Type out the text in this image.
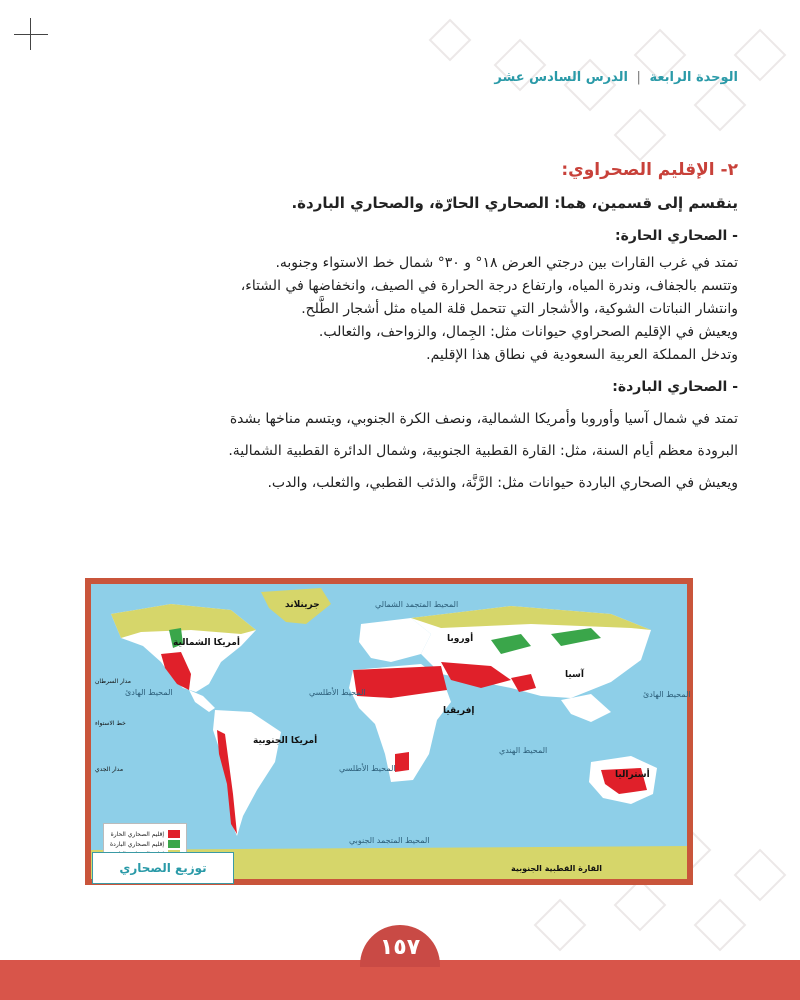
الوحدة الرابعة | الدرس السادس عشر
٢- الإقليم الصحراوي:
ينقسم إلى قسمين، هما: الصحاري الحارّة، والصحاري الباردة.
- الصحاري الحارة:

تمتد في غرب القارات بين درجتي العرض ١٨° و ٣٠° شمال خط الاستواء وجنوبه.

وتتسم بالجفاف، وندرة المياه، وارتفاع درجة الحرارة في الصيف، وانخفاضها في الشتاء،

وانتشار النباتات الشوكية، والأشجار التي تتحمل قلة المياه مثل أشجار الطَّلح.

ويعيش في الإقليم الصحراوي حيوانات مثل: الجِمال، والزواحف، والثعالب.

وتدخل المملكة العربية السعودية في نطاق هذا الإقليم.

- الصحاري الباردة:

تمتد في شمال آسيا وأوروبا وأمريكا الشمالية، ونصف الكرة الجنوبي، ويتسم مناخها بشدة

البرودة معظم أيام السنة، مثل: القارة القطبية الجنوبية، وشمال الدائرة القطبية الشمالية.

ويعيش في الصحاري الباردة حيوانات مثل: الرَّنَّة، والذئب القطبي، والثعلب، والدب.

جرينلاند	المحيط المتجمد الشمالي
أمريكا الشمالية	أوروبا
آسيا
إفريقيا
أمريكا الجنوبية
أستراليا
المحيط الهادئ	المحيط الهادئ
المحيط الأطلسي
المحيط الأطلسي
المحيط الهندي
المحيط المتجمد الجنوبي
القارة القطبية الجنوبية
مدار السرطان
خط الاستواء
مدار الجدي
إقليم الصحاري الحارة
إقليم الصحاري الباردة
توزيع الصحاري
١٥٧
